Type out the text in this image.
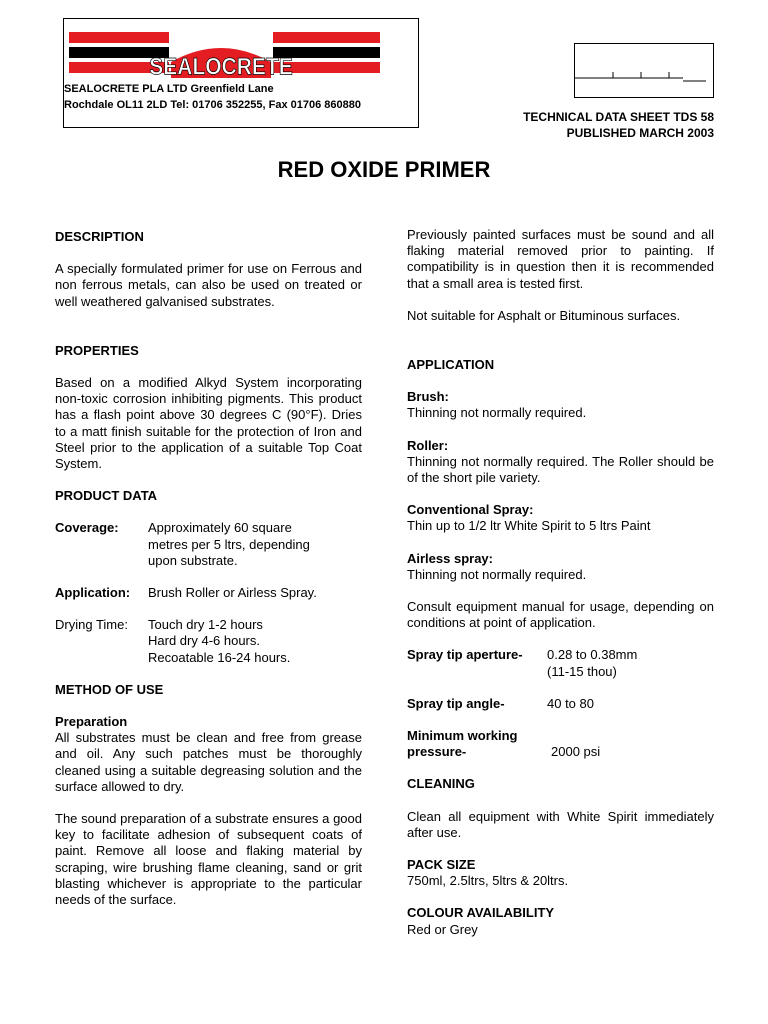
SEALOCRETE
SEALOCRETE PLA LTD Greenfield Lane
Rochdale OL11 2LD Tel: 01706 352255, Fax 01706 860880
TECHNICAL DATA SHEET TDS 58
PUBLISHED MARCH 2003
RED OXIDE PRIMER
DESCRIPTION

A specially formulated primer for use on Ferrous and non ferrous metals, can also be used on treated or well weathered galvanised substrates.

PROPERTIES

Based on a modified Alkyd System incorporating non-toxic corrosion inhibiting pigments. This product has a flash point above 30 degrees C (90°F). Dries to a matt finish suitable for the protection of Iron and Steel prior to the application of a suitable Top Coat System.

PRODUCT DATA
Coverage:	Approximately 60 square
metres per 5 ltrs, depending
upon substrate.
Application:	Brush Roller or Airless Spray.
Drying Time:	Touch dry 1-2 hours
Hard dry 4-6 hours.
Recoatable 16-24 hours.
METHOD OF USE
Preparation

All substrates must be clean and free from grease and oil. Any such patches must be thoroughly cleaned using a suitable degreasing solution and the surface allowed to dry.

The sound preparation of a substrate ensures a good key to facilitate adhesion of subsequent coats of paint. Remove all loose and flaking material by scraping, wire brushing flame cleaning, sand or grit blasting whichever is appropriate to the particular needs of the surface.

Previously painted surfaces must be sound and all flaking material removed prior to painting. If compatibility is in question then it is recommended that a small area is tested first.

Not suitable for Asphalt or Bituminous surfaces.

APPLICATION
Brush:

Thinning not normally required.

Roller:

Thinning not normally required. The Roller should be of the short pile variety.

Conventional Spray:

Thin up to 1/2 ltr White Spirit to 5 ltrs Paint

Airless spray:

Thinning not normally required.

Consult equipment manual for usage, depending on conditions at point of application.

Spray tip aperture-	0.28 to 0.38mm
(11-15 thou)
Spray tip angle-	40 to 80
Minimum working
pressure-	2000 psi
CLEANING

Clean all equipment with White Spirit immediately after use.

PACK SIZE

750ml, 2.5ltrs, 5ltrs & 20ltrs.

COLOUR AVAILABILITY

Red or Grey
